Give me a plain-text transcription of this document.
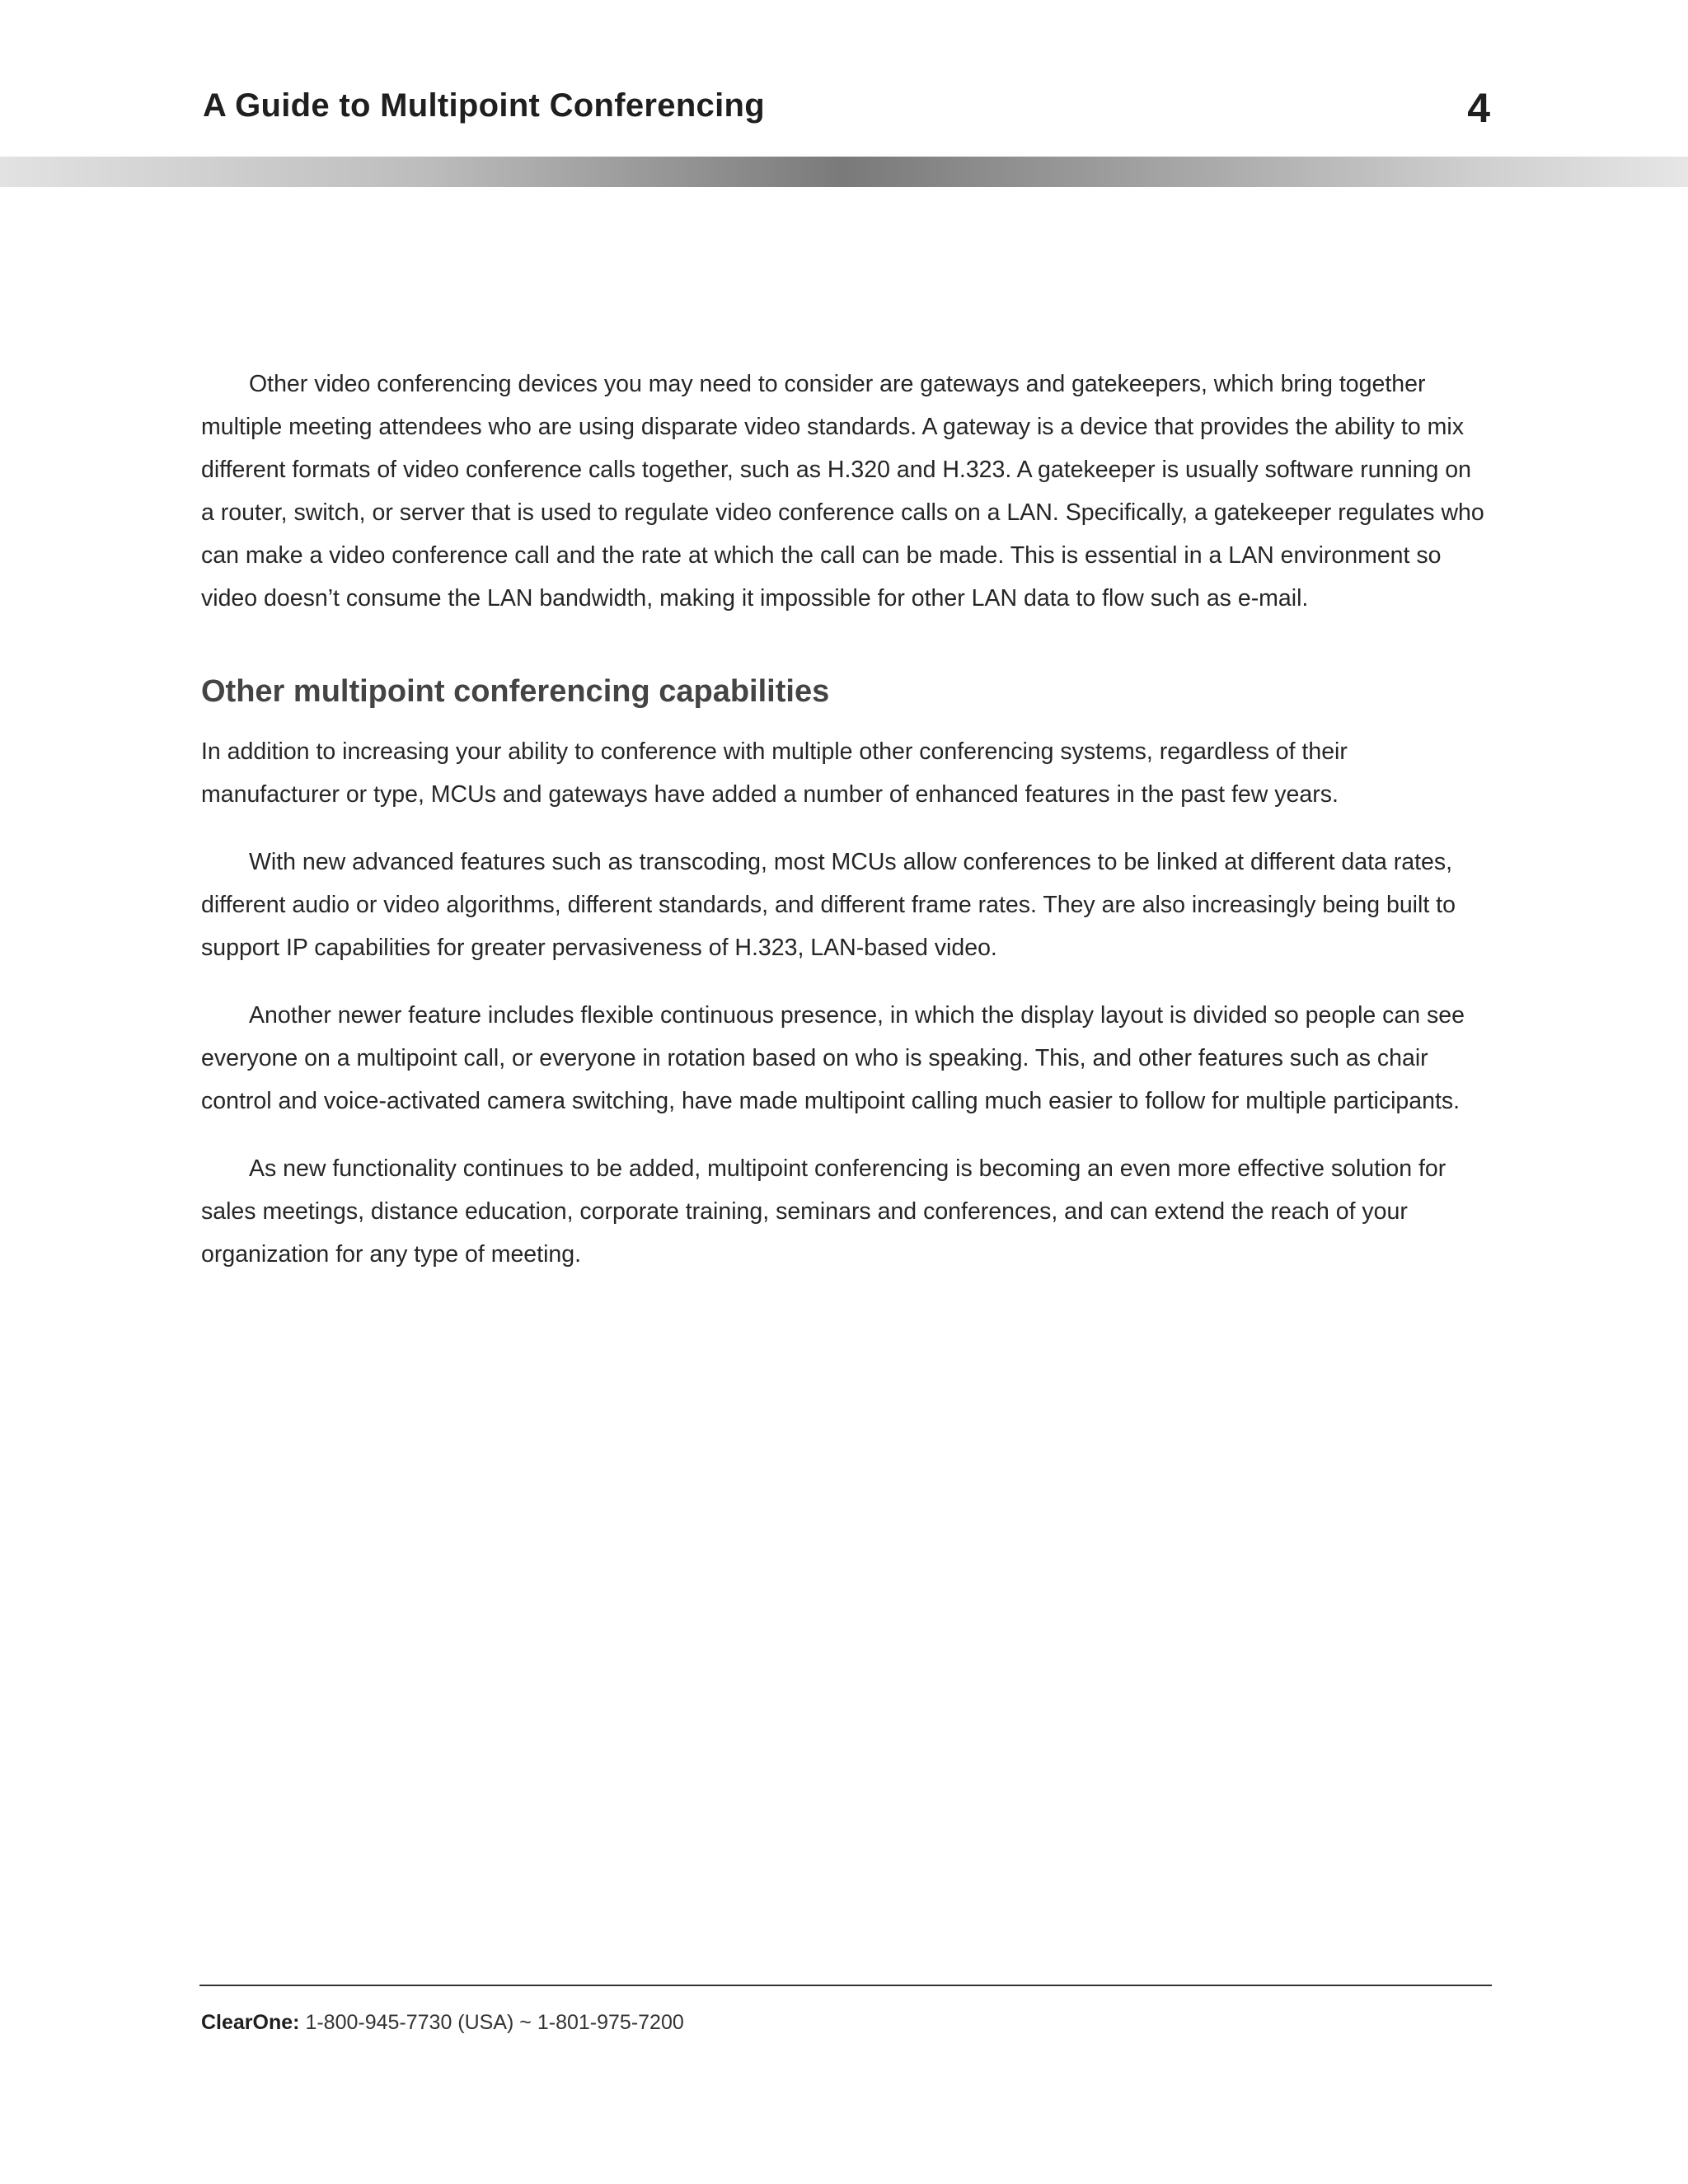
A Guide to Multipoint Conferencing	4

Other video conferencing devices you may need to consider are gateways and gatekeepers, which bring together multiple meeting attendees who are using disparate video standards. A gateway is a device that provides the ability to mix different formats of video conference calls together, such as H.320 and H.323. A gatekeeper is usually software running on a router, switch, or server that is used to regulate video conference calls on a LAN. Specifically, a gatekeeper regulates who can make a video conference call and the rate at which the call can be made. This is essential in a LAN environment so video doesn’t consume the LAN bandwidth, making it impossible for other LAN data to flow such as e-mail.

Other multipoint conferencing capabilities

In addition to increasing your ability to conference with multiple other conferencing systems, regardless of their manufacturer or type, MCUs and gateways have added a number of enhanced features in the past few years.

With new advanced features such as transcoding, most MCUs allow conferences to be linked at different data rates, different audio or video algorithms, different standards, and different frame rates. They are also increasingly being built to support IP capabilities for greater pervasiveness of H.323, LAN-based video.

Another newer feature includes flexible continuous presence, in which the display layout is divided so people can see everyone on a multipoint call, or everyone in rotation based on who is speaking. This, and other features such as chair control and voice-activated camera switching, have made multipoint calling much easier to follow for multiple participants.

As new functionality continues to be added, multipoint conferencing is becoming an even more effective solution for sales meetings, distance education, corporate training, seminars and conferences, and can extend the reach of your organization for any type of meeting.

ClearOne: 1-800-945-7730 (USA) ~ 1-801-975-7200
